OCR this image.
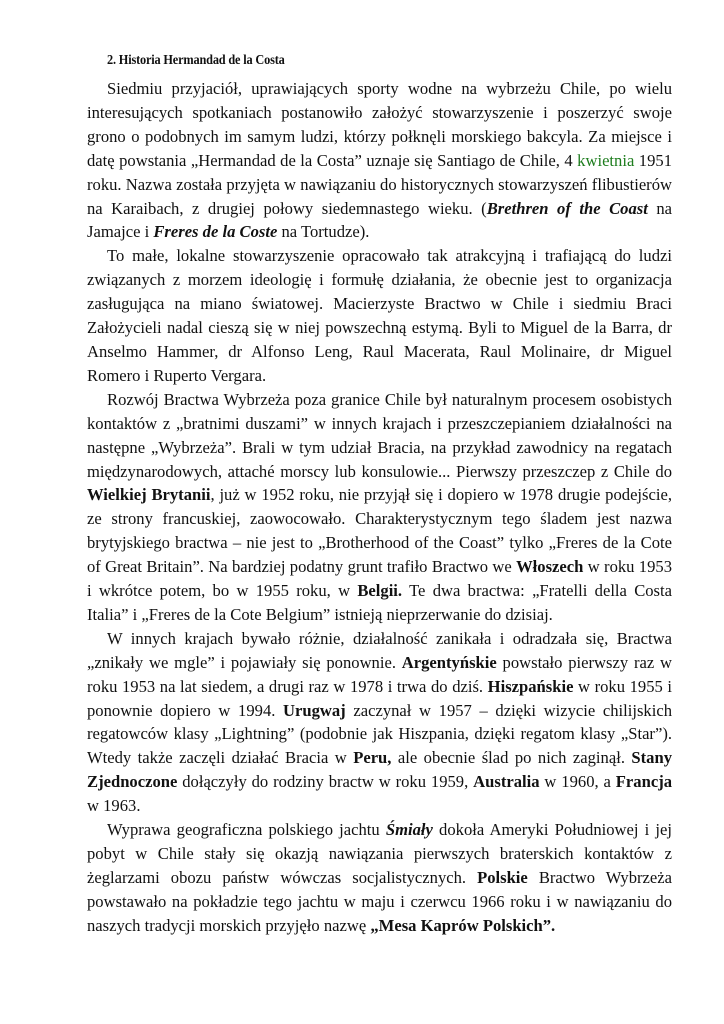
2. Historia Hermandad de la Costa

Siedmiu przyjaciół, uprawiających sporty wodne na wybrzeżu Chile, po wielu interesujących spotkaniach postanowiło założyć stowarzyszenie i poszerzyć swoje grono o podobnych im samym ludzi, którzy połknęli morskiego bakcyla. Za miejsce i datę powstania „Hermandad de la Costa” uznaje się Santiago de Chile, 4 kwietnia 1951 roku. Nazwa została przyjęta w nawiązaniu do historycznych stowarzyszeń flibustierów na Karaibach, z drugiej połowy siedemnastego wieku. (Brethren of the Coast na Jamajce i Freres de la Coste na Tortudze).

To małe, lokalne stowarzyszenie opracowało tak atrakcyjną i trafiającą do ludzi związanych z morzem ideologię i formułę działania, że obecnie jest to organizacja zasługująca na miano światowej. Macierzyste Bractwo w Chile i siedmiu Braci Założycieli nadal cieszą się w niej powszechną estymą. Byli to Miguel de la Barra, dr Anselmo Hammer, dr Alfonso Leng, Raul Macerata, Raul Molinaire, dr Miguel Romero i Ruperto Vergara.

Rozwój Bractwa Wybrzeża poza granice Chile był naturalnym procesem osobistych kontaktów z „bratnimi duszami” w innych krajach i przeszczepianiem działalności na następne „Wybrzeża”. Brali w tym udział Bracia, na przykład zawodnicy na regatach międzynarodowych, attaché morscy lub konsulowie... Pierwszy przeszczep z Chile do Wielkiej Brytanii, już w 1952 roku, nie przyjął się i dopiero w 1978 drugie podejście, ze strony francuskiej, zaowocowało. Charakterystycznym tego śladem jest nazwa brytyjskiego bractwa – nie jest to „Brotherhood of the Coast” tylko „Freres de la Cote of Great Britain”. Na bardziej podatny grunt trafiło Bractwo we Włoszech w roku 1953 i wkrótce potem, bo w 1955 roku, w Belgii. Te dwa bractwa: „Fratelli della Costa Italia” i „Freres de la Cote Belgium” istnieją nieprzerwanie do dzisiaj.

W innych krajach bywało różnie, działalność zanikała i odradzała się, Bractwa „znikały we mgle” i pojawiały się ponownie. Argentyńskie powstało pierwszy raz w roku 1953 na lat siedem, a drugi raz w 1978 i trwa do dziś. Hiszpańskie w roku 1955 i ponownie dopiero w 1994. Urugwaj zaczynał w 1957 – dzięki wizycie chilijskich regatowców klasy „Lightning” (podobnie jak Hiszpania, dzięki regatom klasy „Star”). Wtedy także zaczęli działać Bracia w Peru, ale obecnie ślad po nich zaginął. Stany Zjednoczone dołączyły do rodziny bractw w roku 1959, Australia w 1960, a Francja w 1963.

Wyprawa geograficzna polskiego jachtu Śmiały dokoła Ameryki Południowej i jej pobyt w Chile stały się okazją nawiązania pierwszych braterskich kontaktów z żeglarzami obozu państw wówczas socjalistycznych. Polskie Bractwo Wybrzeża powstawało na pokładzie tego jachtu w maju i czerwcu 1966 roku i w nawiązaniu do naszych tradycji morskich przyjęło nazwę „Mesa Kaprów Polskich”.
